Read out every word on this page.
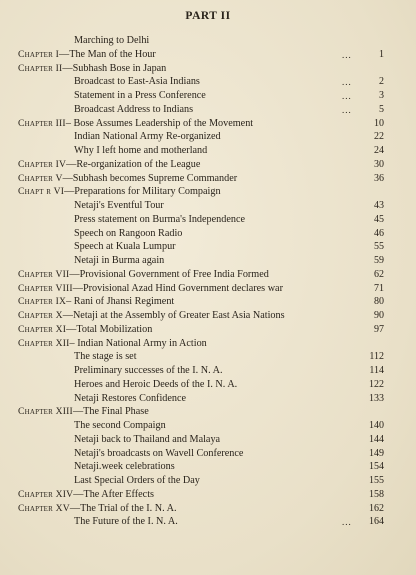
PART II
Marching to Delhi
Chapter I —The Man of the Hour	...	1
Chapter II —Subhash Bose in Japan
Broadcast to East-Asia Indians	...	2
Statement in a Press Conference	...	3
Broadcast Address to Indians	...	5
Chapter III – Bose Assumes Leadership of the Movement	10
Indian National Army Re-organized	22
Why I left home and motherland	24
Chapter IV —Re-organization of the League	30
Chapter V —Subhash becomes Supreme Commander	36
Chapt r VI —Preparations for Military Compaign
Netaji's Eventful Tour	43
Press statement on Burma's Independence	45
Speech on Rangoon Radio	46
Speech at Kuala Lumpur	55
Netaji in Burma again	59
Chapter VII —Provisional Government of Free India Formed	62
Chapter VIII —Provisional Azad Hind Government declares war	71
Chapter IX – Rani of Jhansi Regiment	80
Chapter X —Netaji at the Assembly of Greater East Asia Nations	90
Chapter XI —Total Mobilization	97
Chapter XII – Indian National Army in Action
The stage is set	112
Preliminary successes of the I. N. A.	114
Heroes and Heroic Deeds of the I. N. A.	122
Netaji Restores Confidence	133
Chapter XIII —The Final Phase
The second Compaign	140
Netaji back to Thailand and Malaya	144
Netaji's broadcasts on Wavell Conference	149
Netaji.week celebrations	154
Last Special Orders of the Day	155
Chapter XIV —The After Effects	158
Chapter XV —The Trial of the I. N. A.	162
The Future of the I. N. A.	...	164
